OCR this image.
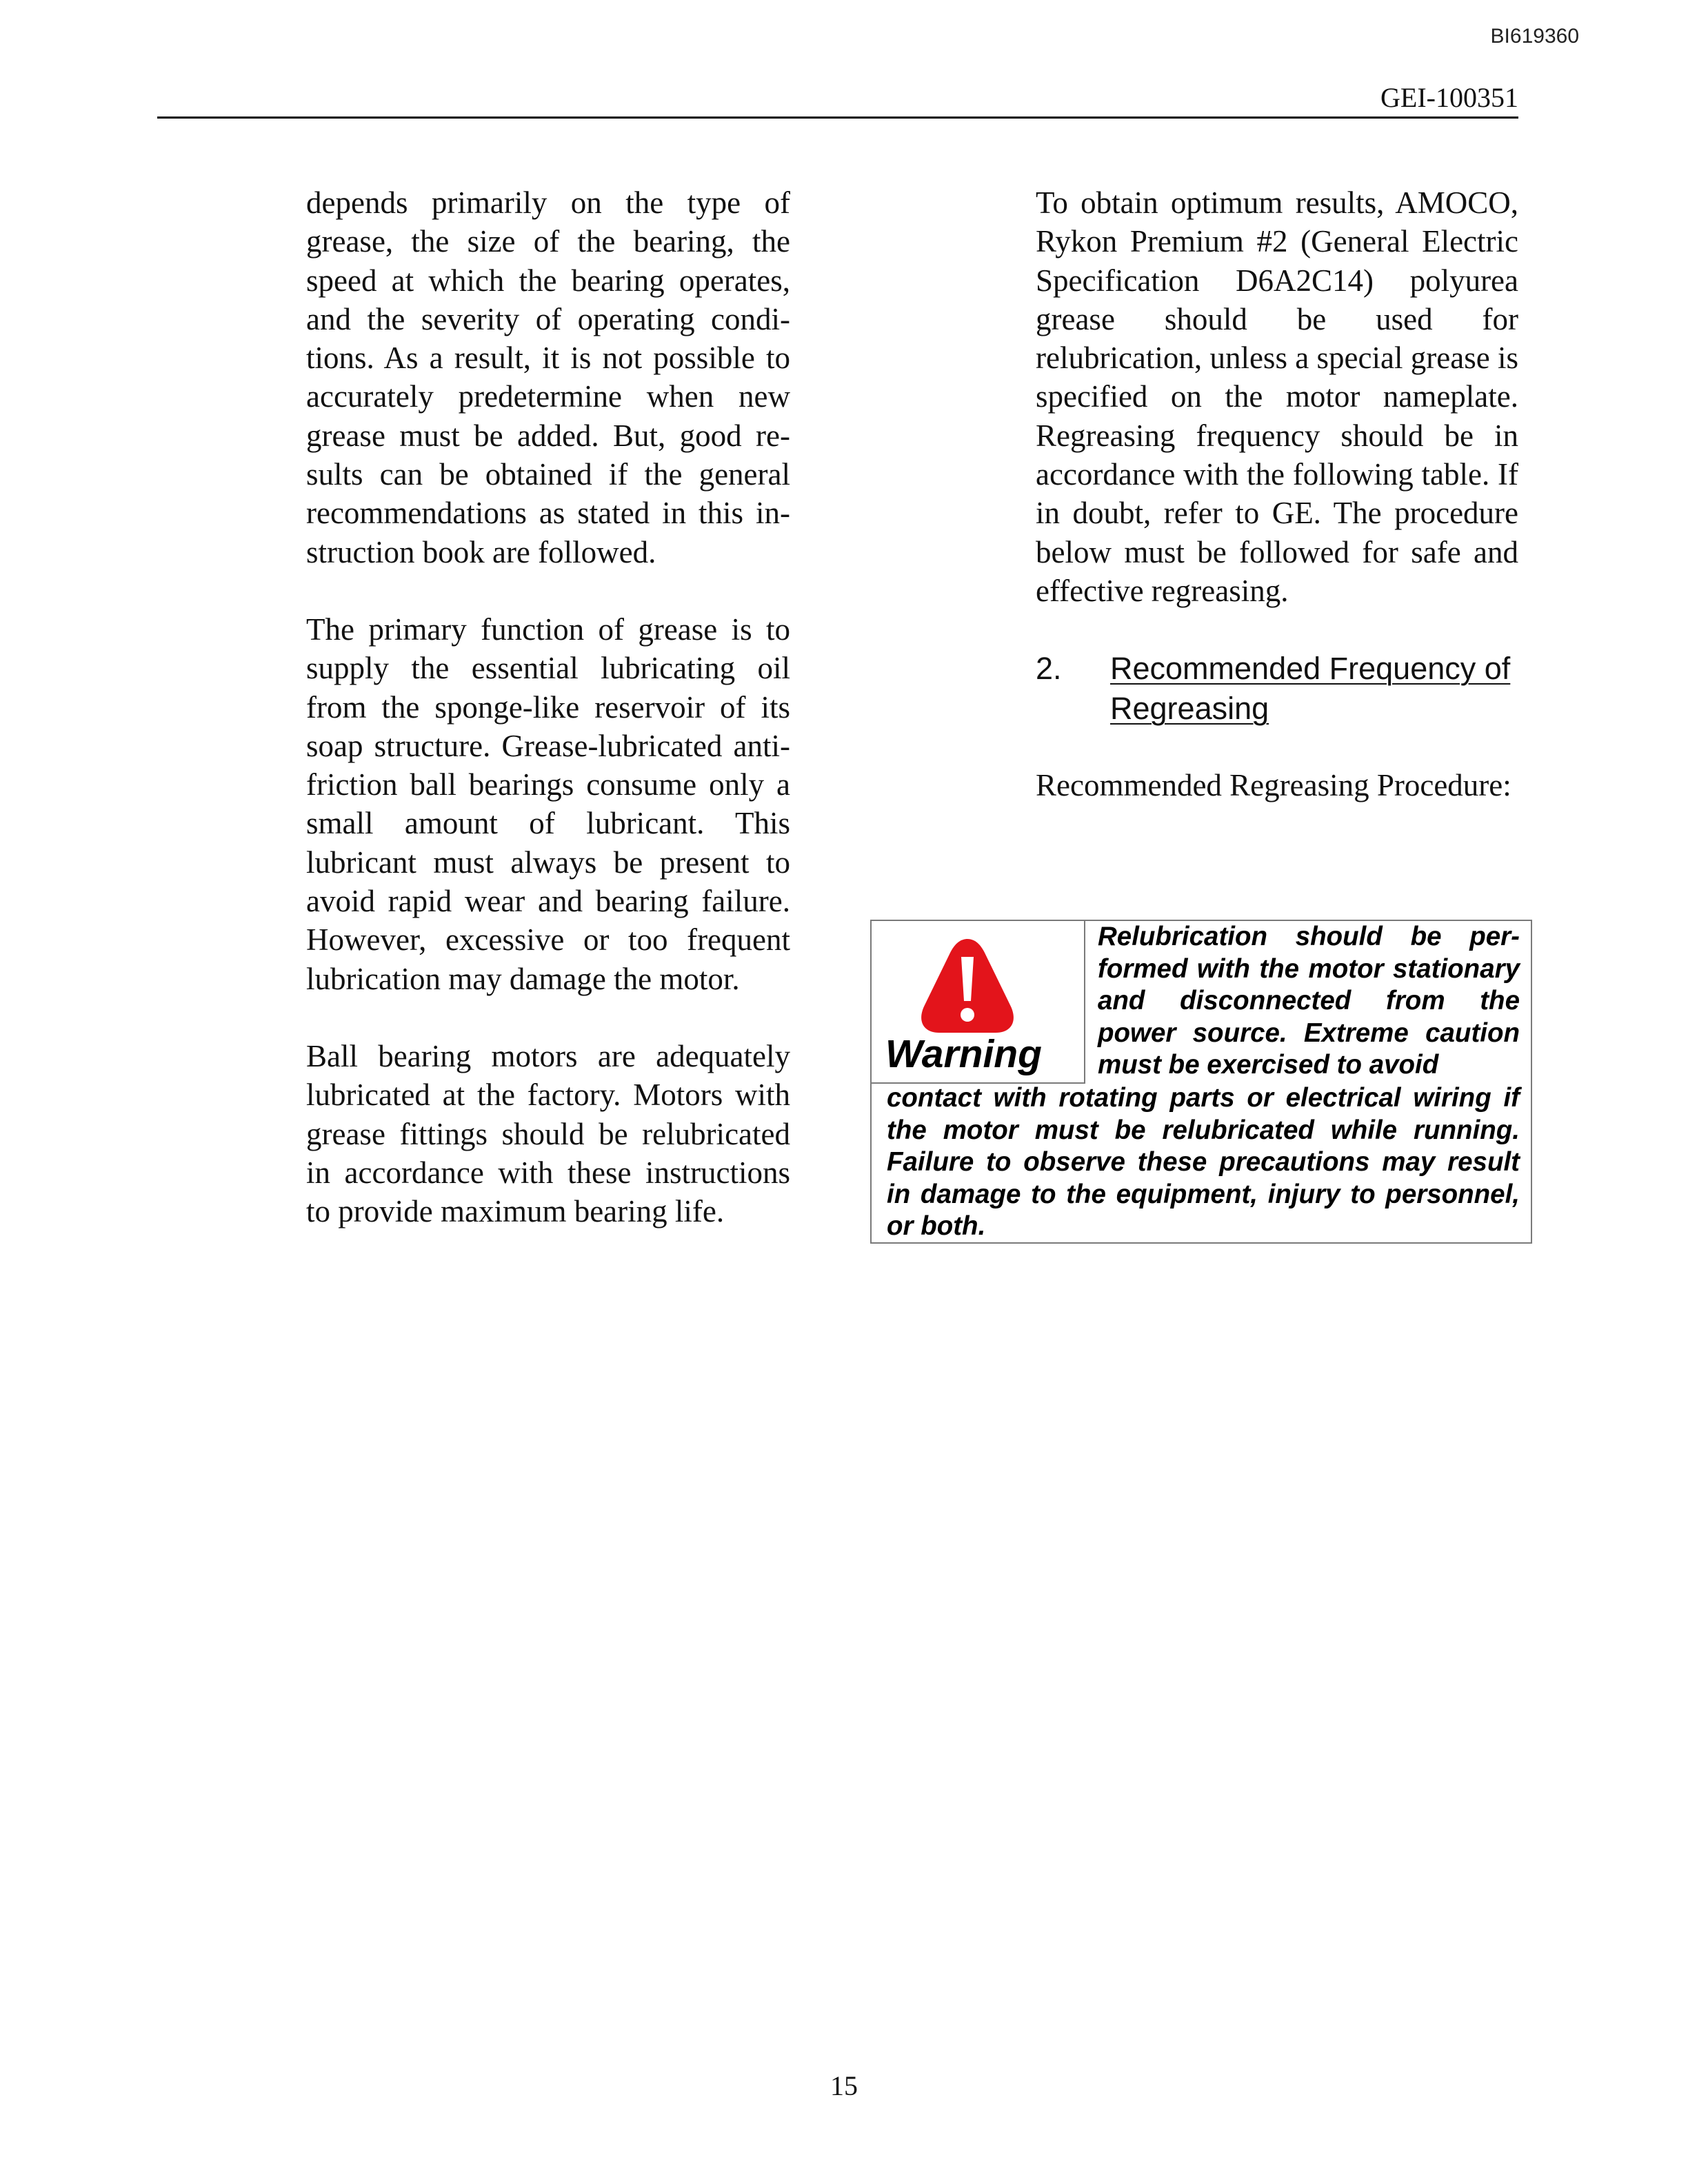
BI619360
GEI-100351

depends primarily on the type of grease, the size of the bearing, the speed at which the bearing operates, and the severity of operating conditions. As a result, it is not possible to accurately predetermine when new grease must be added. But, good results can be obtained if the general recommendations as stated in this instruction book are followed.

The primary function of grease is to supply the essential lubricating oil from the sponge-like reservoir of its soap structure. Grease-lubricated anti-friction ball bearings consume only a small amount of lubricant. This lubricant must always be present to avoid rapid wear and bearing failure. However, excessive or too frequent lubrication may damage the motor.

Ball bearing motors are adequately lubricated at the factory. Motors with grease fittings should be relubricated in accordance with these instructions to provide maximum bearing life.

To obtain optimum results, AMOCO, Rykon Premium #2 (General Electric Specification D6A2C14) polyurea grease should be used for relubrication, unless a special grease is specified on the motor nameplate. Regreasing frequency should be in accordance with the following table. If in doubt, refer to GE. The procedure below must be followed for safe and effective regreasing.

2.	Recommended Frequency of Regreasing

Recommended Regreasing Procedure:

Warning
Relubrication should be performed with the motor stationary and disconnected from the power source. Extreme caution must be exercised to avoid
contact with rotating parts or electrical wiring if the motor must be relubricated while running. Failure to observe these precautions may result in damage to the equipment, injury to personnel, or both.
15
